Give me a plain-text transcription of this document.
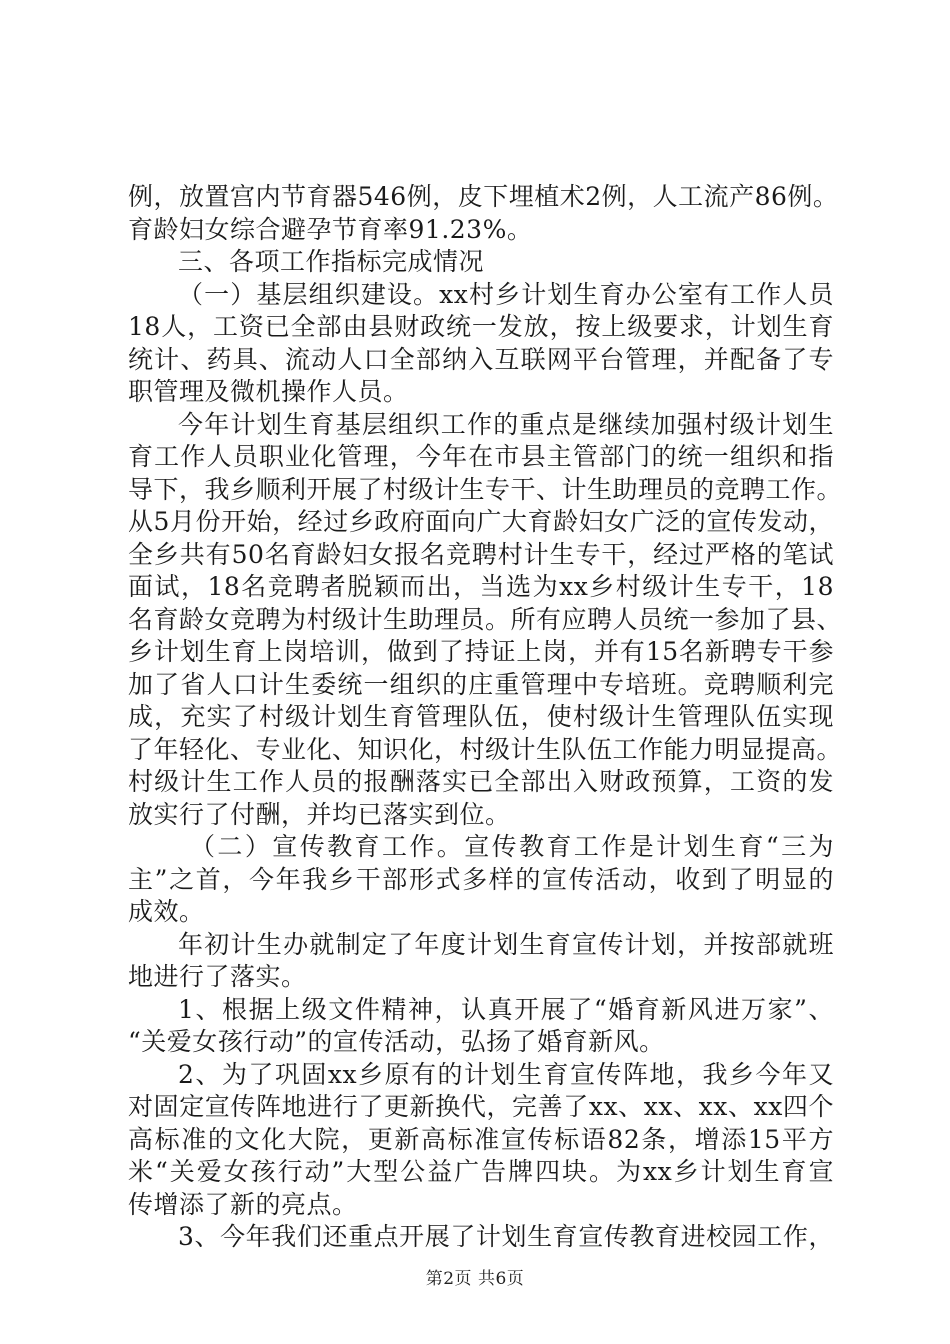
例，放置宫内节育器546例，皮下埋植术2例，人工流产86例。
育龄妇女综合避孕节育率91.23%。
三、各项工作指标完成情况
（一）基层组织建设。xx村乡计划生育办公室有工作人员
18人，工资已全部由县财政统一发放，按上级要求，计划生育
统计、药具、流动人口全部纳入互联网平台管理，并配备了专
职管理及微机操作人员。
今年计划生育基层组织工作的重点是继续加强村级计划生
育工作人员职业化管理，今年在市县主管部门的统一组织和指
导下，我乡顺利开展了村级计生专干、计生助理员的竞聘工作。
从5月份开始，经过乡政府面向广大育龄妇女广泛的宣传发动，
全乡共有50名育龄妇女报名竞聘村计生专干，经过严格的笔试
面试，18名竞聘者脱颖而出，当选为xx乡村级计生专干，18
名育龄女竞聘为村级计生助理员。所有应聘人员统一参加了县、
乡计划生育上岗培训，做到了持证上岗，并有15名新聘专干参
加了省人口计生委统一组织的庄重管理中专培班。竞聘顺利完
成，充实了村级计划生育管理队伍，使村级计生管理队伍实现
了年轻化、专业化、知识化，村级计生队伍工作能力明显提高。
村级计生工作人员的报酬落实已全部出入财政预算，工资的发
放实行了付酬，并均已落实到位。
（二）宣传教育工作。宣传教育工作是计划生育“三为
主”之首，今年我乡干部形式多样的宣传活动，收到了明显的
成效。
年初计生办就制定了年度计划生育宣传计划，并按部就班
地进行了落实。
1、根据上级文件精神，认真开展了“婚育新风进万家”、
“关爱女孩行动”的宣传活动，弘扬了婚育新风。
2、为了巩固xx乡原有的计划生育宣传阵地，我乡今年又
对固定宣传阵地进行了更新换代，完善了xx、xx、xx、xx四个
高标准的文化大院，更新高标准宣传标语82条，增添15平方
米“关爱女孩行动”大型公益广告牌四块。为xx乡计划生育宣
传增添了新的亮点。
3、今年我们还重点开展了计划生育宣传教育进校园工作，
第2页 共6页
